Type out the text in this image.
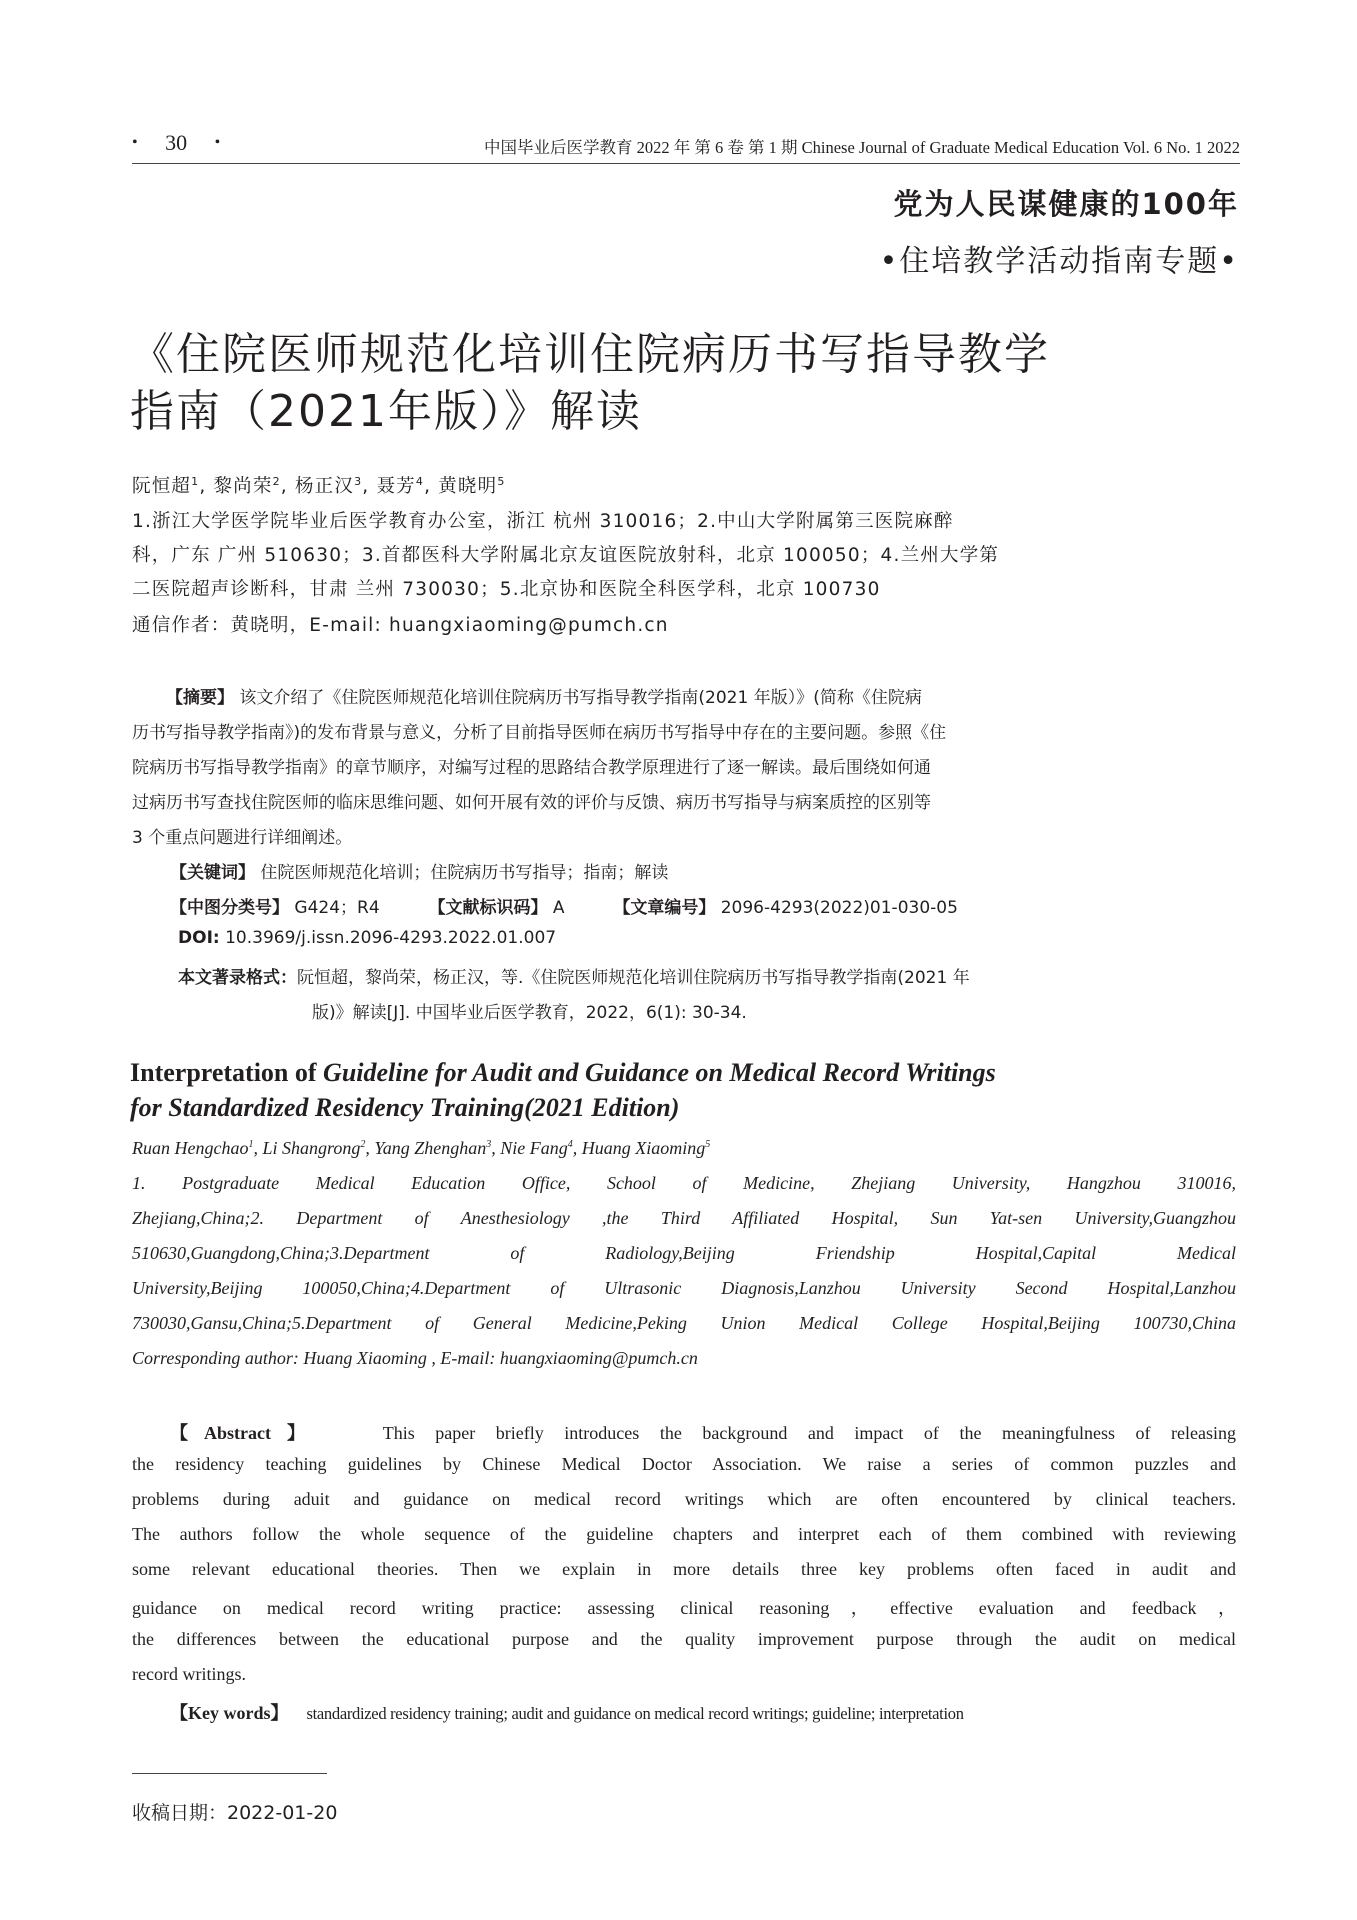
• 30 •	中国毕业后医学教育 2022 年 第 6 卷 第 1 期 Chinese Journal of Graduate Medical Education Vol. 6 No. 1 2022
党为人民谋健康的100年
•住培教学活动指南专题•
《住院医师规范化培训住院病历书写指导教学
指南（2021年版）》解读
阮恒超$^1$, 黎尚荣$^2$, 杨正汉$^3$, 聂芳$^4$, 黄晓明$^5$
1.浙江大学医学院毕业后医学教育办公室，浙江 杭州 310016；2.中山大学附属第三医院麻醉
科，广东 广州 510630；3.首都医科大学附属北京友谊医院放射科，北京 100050；4.兰州大学第
二医院超声诊断科，甘肃 兰州 730030；5.北京协和医院全科医学科，北京 100730
通信作者：黄晓明，E-mail: huangxiaoming@pumch.cn
【摘要】 该文介绍了《住院医师规范化培训住院病历书写指导教学指南(2021 年版）》(简称《住院病
历书写指导教学指南》)的发布背景与意义，分析了目前指导医师在病历书写指导中存在的主要问题。参照《住
院病历书写指导教学指南》的章节顺序，对编写过程的思路结合教学原理进行了逐一解读。最后围绕如何通
过病历书写查找住院医师的临床思维问题、如何开展有效的评价与反馈、病历书写指导与病案质控的区别等
3 个重点问题进行详细阐述。
【关键词】 住院医师规范化培训；住院病历书写指导；指南；解读
【中图分类号】 G424；R4	【文献标识码】 A	【文章编号】 2096-4293(2022)01-030-05
DOI: 10.3969/j.issn.2096-4293.2022.01.007
本文著录格式：阮恒超，黎尚荣，杨正汉，等.《住院医师规范化培训住院病历书写指导教学指南(2021 年
版)》解读[J]. 中国毕业后医学教育，2022，6(1): 30-34.
Interpretation of Guideline for Audit and Guidance on Medical Record Writings
for Standardized Residency Training(2021 Edition)
Ruan Hengchao$^1$, Li Shangrong$^2$, Yang Zhenghan$^3$, Nie Fang$^4$, Huang Xiaoming$^5$
1. Postgraduate Medical Education Office, School of Medicine, Zhejiang University, Hangzhou 310016,
Zhejiang,China;2. Department of Anesthesiology ,the Third Affiliated Hospital, Sun Yat-sen University,Guangzhou
510630,Guangdong,China;3.Department of Radiology,Beijing Friendship Hospital,Capital Medical
University,Beijing 100050,China;4.Department of Ultrasonic Diagnosis,Lanzhou University Second Hospital,Lanzhou
730030,Gansu,China;5.Department of General Medicine,Peking Union Medical College Hospital,Beijing 100730,China
Corresponding author: Huang Xiaoming , E-mail: huangxiaoming@pumch.cn
【Abstract】	This paper briefly introduces the background and impact of the meaningfulness of releasing
the residency teaching guidelines by Chinese Medical Doctor Association. We raise a series of common puzzles and
problems during aduit and guidance on medical record writings which are often encountered by clinical teachers.
The authors follow the whole sequence of the guideline chapters and interpret each of them combined with reviewing
some relevant educational theories. Then we explain in more details three key problems often faced in audit and
guidance on medical record writing practice: assessing clinical reasoning，effective evaluation and feedback，
the differences between the educational purpose and the quality improvement purpose through the audit on medical
record writings.
【Key words】 standardized residency training; audit and guidance on medical record writings; guideline; interpretation
收稿日期：2022-01-20
